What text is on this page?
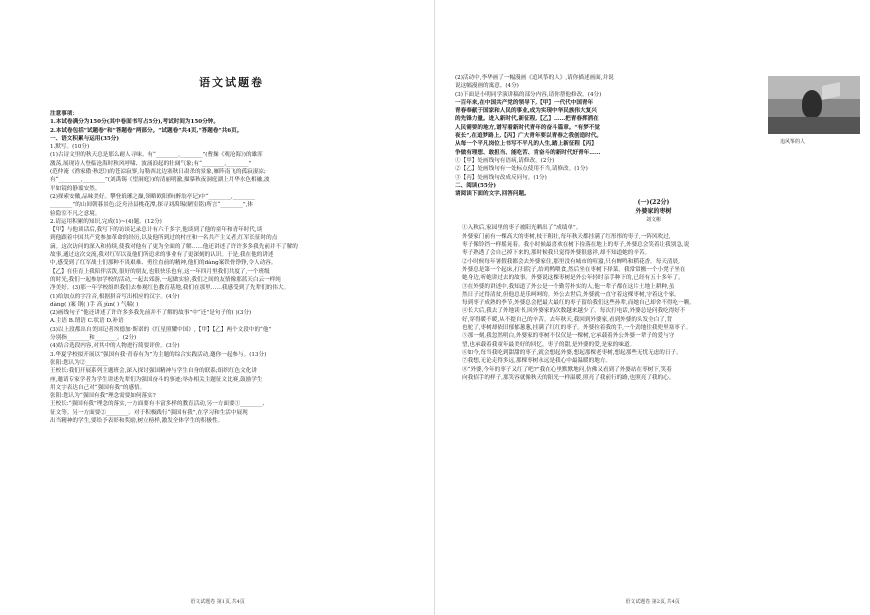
语文试题卷

注意事项：

1.本试卷满分为150分(其中卷面书写占5分),考试时间为150分钟。

2.本试卷包括“试题卷”和“答题卷”两部分。“试题卷”共4页,“答题卷”共6页。

一、语文积累与运用(35分)

1.默写。(10分)

(1)古诗文里的秋天总是那么耐人寻味。有“________,________”(曹操《观沧海》)的雄浑

激荡,展现诗人登临沧海时秋风呼啸、波涌浪起的壮阔气象;有“________,________”

(范仲淹《渔家傲·秋思》)的苍凉寂寥,勾勒西北边塞秋日肃杀的景象,雁阵南飞的孤寂凄凉;

有“________,________”(刘禹锡《望洞庭》)的清丽明澈,描摹秋夜洞庭湖上月华水色相融,波

平如镜的静谧安然。

(2)探索安徽,品味美好。攀登琅琊之巅,领略欧阳修(醉翁亭记)中“________,________

________”的山间朝暮景色;泛舟泾县桃花潭,探寻刘禹锡(陋室铭)所言“________”,体

验隐室不凡之意境。

2.请运用积累的知识,完成(1)~(4)题。(12分)

【甲】与他谈话后,我写下的访谈记录总计有六千多字,他谈到了他的童年和青年时代,谈

到他跟着中国共产党参加革命的经历,以及他所到过的村庄和一名共产主义者,红军长征时的点

滴。这次访问的深入和持续,使我对他有了更为全面的了解……他还讲述了许许多多我先前并不了解的

故事,通过这次交流,我对红军以及他们所追求的事业有了更深刻的认识。于是,我在他的讲述

中,感受到了红军战士们那种不畏艰难、勇往直前的精神,他们的dàng案铁骨铮铮,令人动容。

【乙】在佳育上我陪伴活泼,很好的朋友,也很快乐也有,这一年四月里我们共度了,一个班级

的时光,我们一起参加学校的活动,一起去郊游,一起做实验,我们之间的友情像那蓝天白云一样纯

净美好。(3)那一年学校组织我们去参观红色教育基地,我们在那里……我感受到了先辈们的伟大。

(1)给加点的字注音,根据拼音写出相应的汉字。(4分)

dàng( )案 钢( )手 高 jùn( ) 气喘( )

(2)画线句子“他还讲述了许许多多我先前并不了解的故事”中“还”是句子的( )(3分)

A.主语 B.谓语 C.状语 D.补语

(3)以上段都出自美国记者埃德加·斯诺的《红星照耀中国》,【甲】【乙】两个文段中的“他”

分别指________和________。(2分)

(4)结合选段内容,对其中的人物进行简要评价。(3分)

3.华夏学校拟开展以“强国有我·青春有为”为主题的综合实践活动,邀你一起参与。(13分)

张阳:您认为②________

王校长:我们开展系列主题班会,深入探讨强国精神与学生自身的联系;组织红色文化讲

座,邀请专家学者为学生讲述先辈们为强国奋斗的事迹;举办相关主题征文比赛,鼓励学生

用文字表达自己对“强国有我”的感悟。

张阳:您认为“强国有我”理念需要如何落实?

王校长:“强国有我”理念的落实,一方面要有丰富多样的教育活动,另一方面要①________、

征文等。另一方面要②________。对于积极践行“强国有我”,在学习和生活中展现

出当精神的学生,要给予表彰和奖励,树立榜样,激发全体学生的积极性。

语文试题卷 第1页,共4页

(2)活动中,李华画了一幅漫画《追风筝的人》,请你描述画面,并说

说这幅漫画的寓意。(4分)

(3)下面是小明同学演讲稿的部分内容,请你帮他修改。(4分)

一百年来,在中国共产党的领导下,【甲】一代代中国青年

青春奉献于国家和人民的事业,成为实现中华民族伟大复兴

的先锋力量。进入新时代,新征程,【乙】……把青春挥洒在

人民需要的地方,谱写着新时代青年的奋斗篇章。“有梦不觉

夜长”,在追梦路上,【丙】广大青年要以青春之我创造时代。

从每一个平凡岗位上书写不平凡的人生,踏上新征程【丙】

争做有理想、敢担当、能吃苦、肯奋斗的新时代好青年……

①【甲】处画线句有语病,请修改。(2分)

②【乙】处画线句有一处标点使用不当,请修改。(1分)

③【丙】处画线句改成反问句。(1分)

二、阅读(55分)

请阅读下面的文字,回答问题。

(一)(22分)
外婆家的枣树
刘文彬

①入秋后,家园里的枣子被阳光晒出了“成绩单”。

外婆家门前有一棵高大的枣树,枝干粗壮,每年秋天都挂满了红彤彤的枣子,一阵风吹过,

枣子像铃铛一样摇晃着。我小时候最喜欢在树下捡落在地上的枣子,外婆总会笑着让我别急,说

枣子熟透了会自己掉下来的,那时候我只觉得外婆很慈祥,却不知道她的辛苦。

②小时候每年暑假我都会去外婆家住,那里没有城市的喧嚣,只有蝉鸣和稻花香。每天清晨,

外婆总是第一个起床,打扫院子,给鸡鸭喂食,然后坐在枣树下择菜。我常常搬一个小凳子坐在

她身边,听她讲过去的故事。外婆说这棵枣树是外公年轻时亲手种下的,已经有五十多年了。

③在外婆的讲述中,我知道了外公是一个勤劳朴实的人,他一辈子都在这片土地上耕种,虽

然日子过得清贫,但他总是乐呵呵的。外公去世后,外婆就一直守着这棵枣树,守着这个家。

每到枣子成熟的季节,外婆总会把最大最红的枣子留给我们这些孙辈,而她自己却舍不得吃一颗。

④长大后,我去了外地读书,回外婆家的次数越来越少了。每次打电话,外婆总是问我吃得好不

好,穿得暖不暖,从不提自己的辛苦。去年秋天,我回到外婆家,看到外婆的头发全白了,背

也驼了,枣树却依旧郁郁葱葱,挂满了红红的枣子。外婆拉着我的手,一个劲地往我兜里塞枣子。

⑤那一刻,我忽然明白,外婆家的枣树不仅仅是一棵树,它承载着外公外婆一辈子的爱与守

望,也承载着我童年最美好的回忆。枣子的甜,是外婆的爱,是家的味道。

⑥如今,每当我吃到甜甜的枣子,就会想起外婆,想起那棵老枣树,想起那些无忧无虑的日子。

⑦我想,无论走得多远,那棵枣树永远是我心中最温暖的地方。

⑧“外婆,今年的枣子又红了吧?”我在心里默默地问,仿佛又看到了外婆站在枣树下,笑着

向我招手的样子,那笑容就像秋天的阳光一样温暖,照亮了我前行的路,也照亮了我的心。

语文试题卷 第2页,共4页
追风筝的人
